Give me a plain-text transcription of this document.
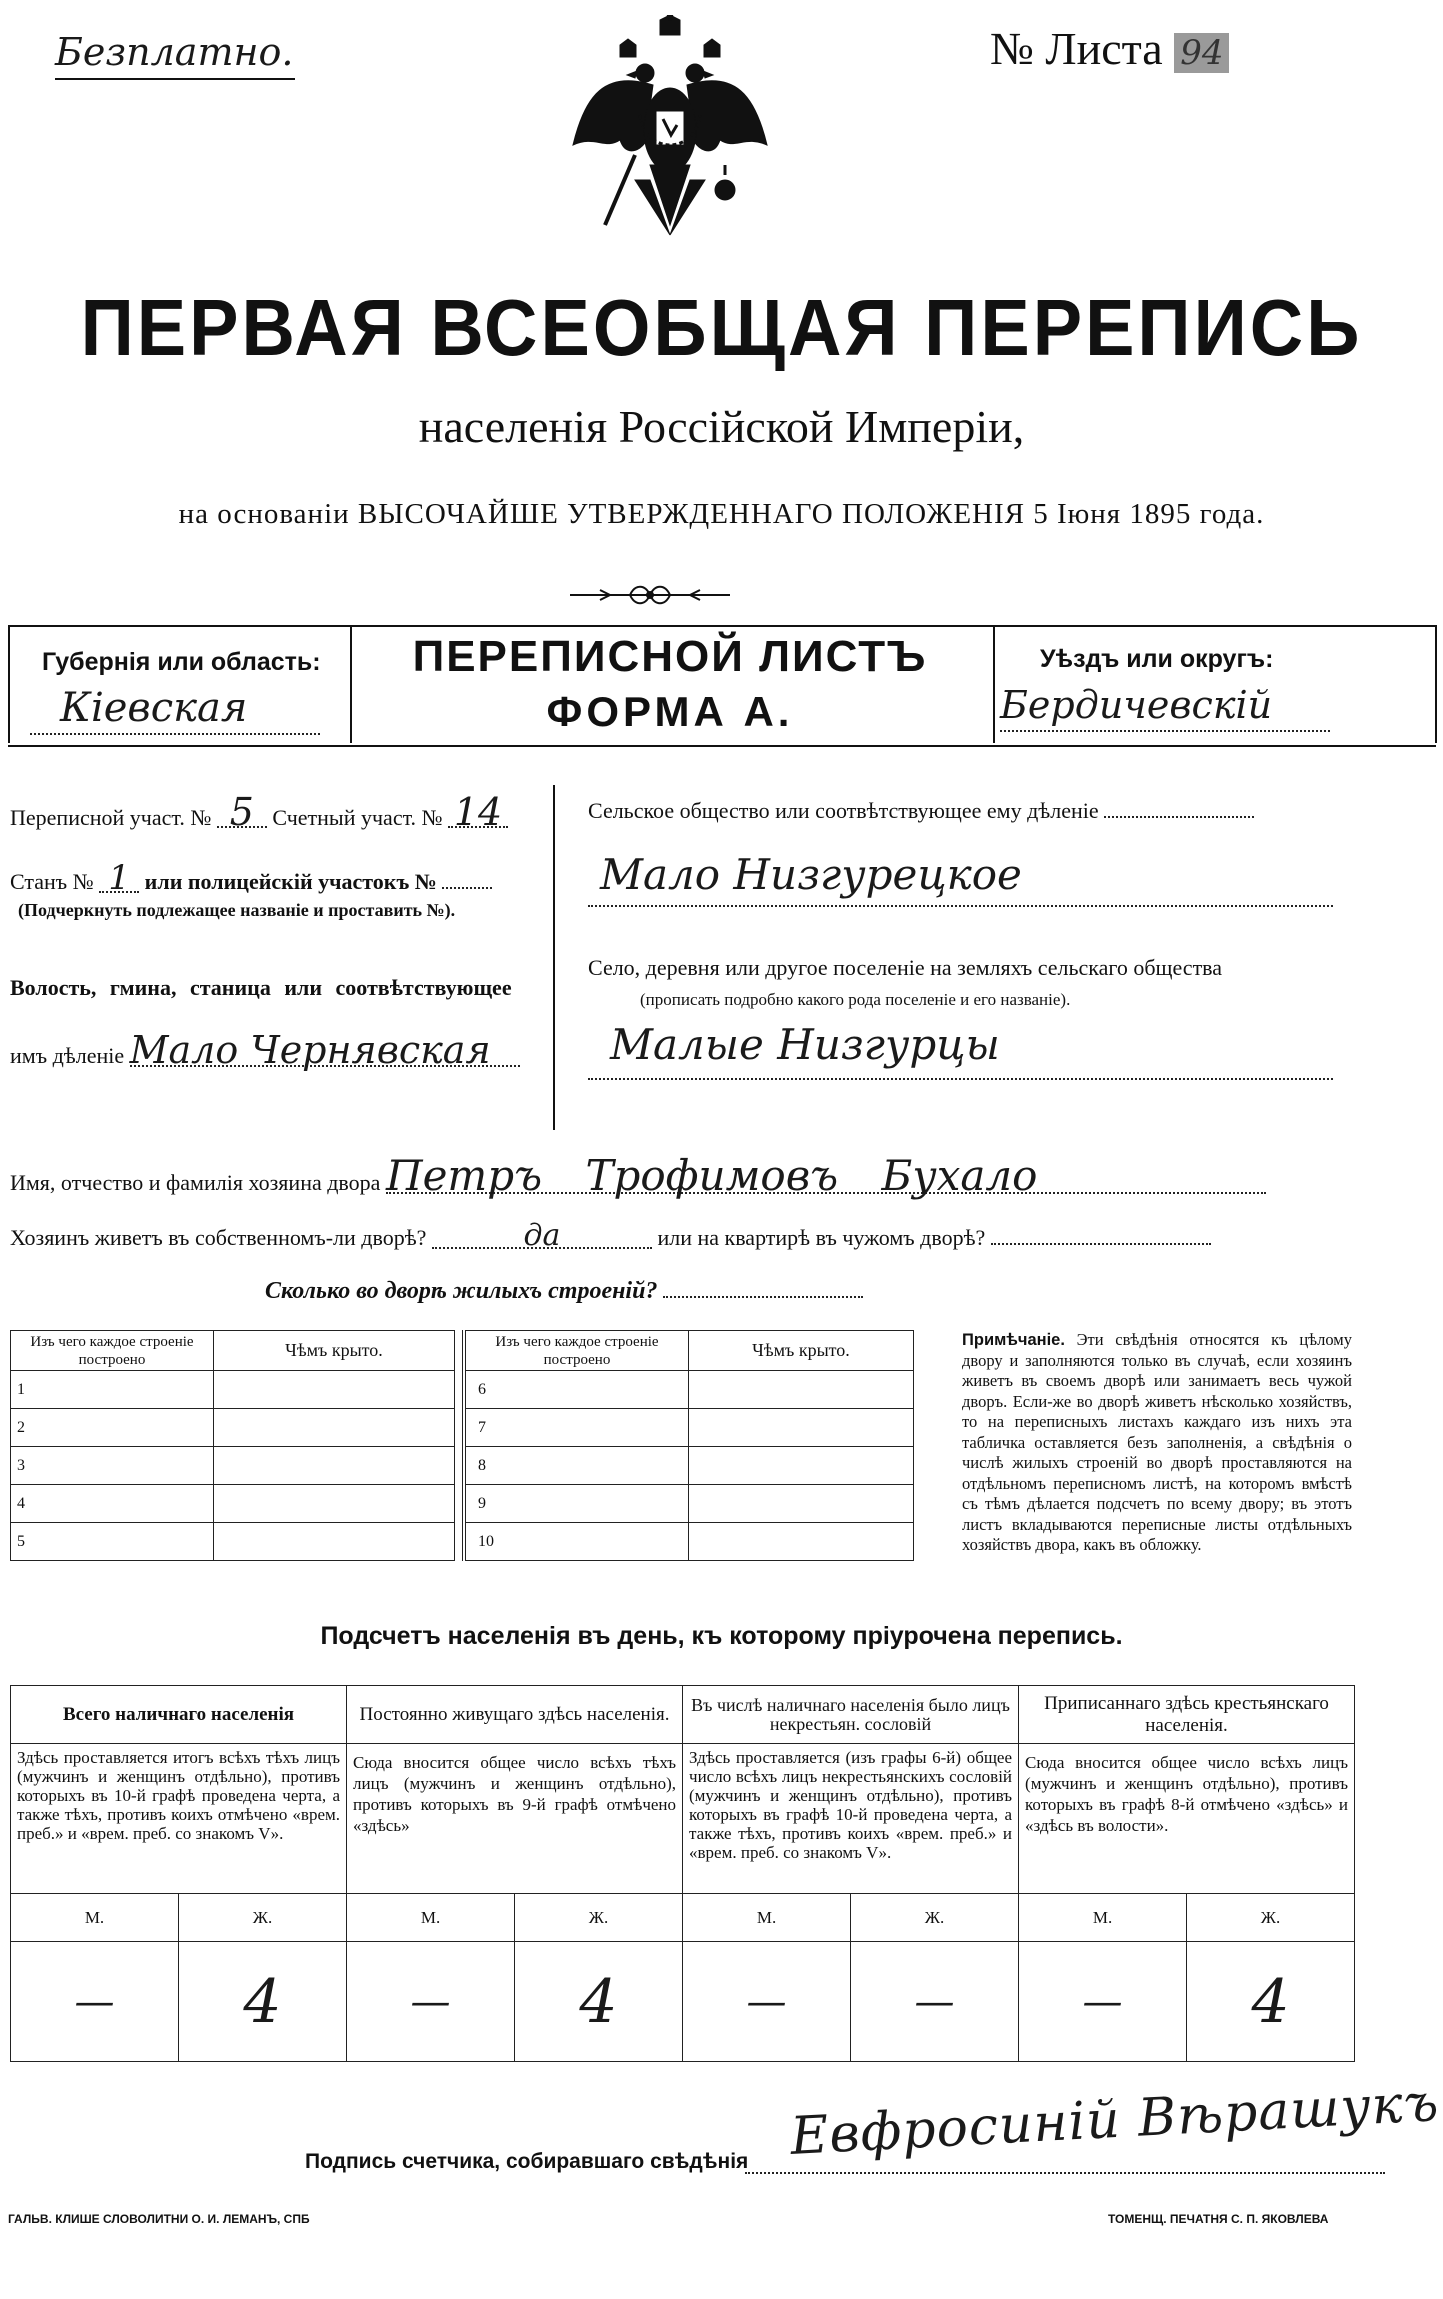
Безплатно.	№ Листа 94
ПЕРВАЯ ВСЕОБЩАЯ ПЕРЕПИСЬ
населенія Россійской Имперіи,
на основаніи ВЫСОЧАЙШЕ УТВЕРЖДЕННАГО ПОЛОЖЕНІЯ 5 Іюня 1895 года.
Губернія или область:
Кіевская
ПЕРЕПИСНОЙ ЛИСТЪ
ФОРМА А.
Уѣздъ или округъ:
Бердичевскій
Переписной участ. № 5 Счетный участ. № 14
Станъ № 1 или полицейскій участокъ №
(Подчеркнуть подлежащее названіе и проставить №).
Волость, гмина, станица или соотвѣтствующее
имъ дѣленіе Мало Чернявская
Сельское общество или соотвѣтствующее ему дѣленіе
Мало Низгурецкое
Село, деревня или другое поселеніе на земляхъ сельскаго общества
(прописать подробно какого рода поселеніе и его названіе).
Малые Низгурцы
Имя, отчество и фамилія хозяина двора Петръ Трофимовъ Бухало
Хозяинъ живетъ въ собственномъ-ли дворѣ?	да	или на квартирѣ въ чужомъ дворѣ?
Сколько во дворѣ жилыхъ строеній?
Изъ чего каждое строеніе построено	Чѣмъ крыто.
1	
2	
3	
4	
5	
Изъ чего каждое строеніе построено	Чѣмъ крыто.
6	
7	
8	
9	
10	
Примѣчаніе. Эти свѣдѣнія относятся къ цѣлому двору и заполняются только въ случаѣ, если хозяинъ живетъ въ своемъ дворѣ или занимаетъ весь чужой дворъ. Если-же во дворѣ живетъ нѣсколько хозяйствъ, то на переписныхъ листахъ каждаго изъ нихъ эта табличка оставляется безъ заполненія, а свѣдѣнія о числѣ жилыхъ строеній во дворѣ проставляются на отдѣльномъ переписномъ листѣ, на которомъ вмѣстѣ съ тѣмъ дѣлается подсчетъ по всему двору; въ этотъ листъ вкладываются переписные листы отдѣльныхъ хозяйствъ двора, какъ въ обложку.
Подсчетъ населенія въ день, къ которому пріурочена перепись.
Всего наличнаго населенія		Постоянно живущаго здѣсь населенія.		Въ числѣ наличнаго населенія было лицъ некрестьян. сословій		Приписаннаго здѣсь крестьянскаго населенія.	
Здѣсь проставляется итогъ всѣхъ тѣхъ лицъ (мужчинъ и женщинъ отдѣльно), противъ которыхъ въ 10-й графѣ проведена черта, а также тѣхъ, противъ коихъ отмѣчено «врем. преб.» и «врем. преб. со знакомъ V».		Сюда вносится общее число всѣхъ тѣхъ лицъ (мужчинъ и женщинъ отдѣльно), противъ которыхъ въ 9-й графѣ отмѣчено «здѣсь»		Здѣсь проставляется (изъ графы 6-й) общее число всѣхъ лицъ некрестьянскихъ сословій (мужчинъ и женщинъ отдѣльно), противъ которыхъ въ графѣ 10-й проведена черта, а также тѣхъ, противъ коихъ «врем. преб.» и «врем. преб. со знакомъ V».		Сюда вносится общее число всѣхъ лицъ (мужчинъ и женщинъ отдѣльно), противъ которыхъ въ графѣ 8-й отмѣчено «здѣсь» и «здѣсь въ волости».	
М.	Ж.	М.	Ж.	М.	Ж.	М.	Ж.
—	4	—	4	—	—	—	4
Подпись счетчика, собиравшаго свѣдѣнія Евфросиній Вѣрашукъ
ГАЛЬВ. КЛИШЕ СЛОВОЛИТНИ О. И. ЛЕМАНЪ, СПБ	ТОМЕНЩ. ПЕЧАТНЯ С. П. ЯКОВЛЕВА
